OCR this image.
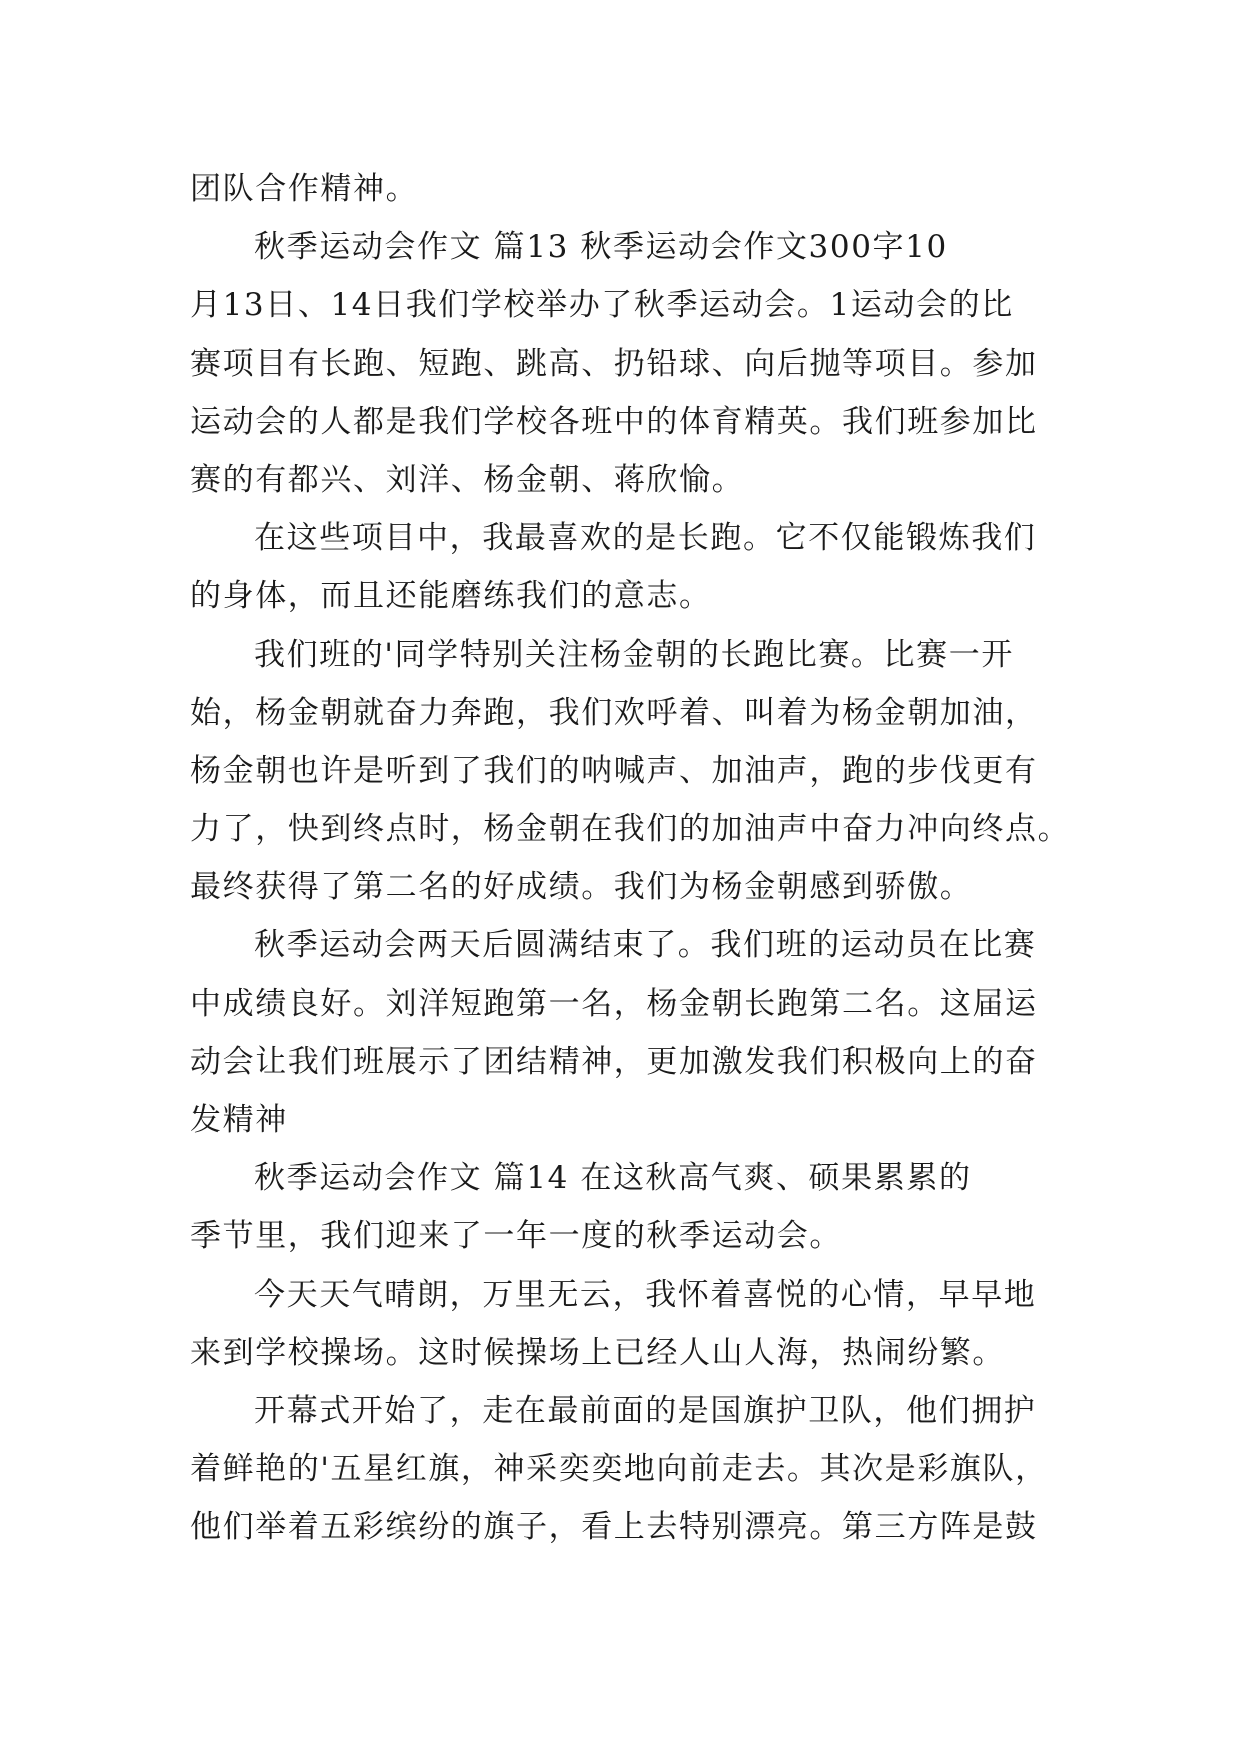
团队合作精神。
秋季运动会作文 篇13 秋季运动会作文300字10
月13日、14日我们学校举办了秋季运动会。1运动会的比
赛项目有长跑、短跑、跳高、扔铅球、向后抛等项目。参加
运动会的人都是我们学校各班中的体育精英。我们班参加比
赛的有都兴、刘洋、杨金朝、蒋欣愉。
在这些项目中，我最喜欢的是长跑。它不仅能锻炼我们
的身体，而且还能磨练我们的意志。
我们班的'同学特别关注杨金朝的长跑比赛。比赛一开
始，杨金朝就奋力奔跑，我们欢呼着、叫着为杨金朝加油，
杨金朝也许是听到了我们的呐喊声、加油声，跑的步伐更有
力了，快到终点时，杨金朝在我们的加油声中奋力冲向终点。
最终获得了第二名的好成绩。我们为杨金朝感到骄傲。
秋季运动会两天后圆满结束了。我们班的运动员在比赛
中成绩良好。刘洋短跑第一名，杨金朝长跑第二名。这届运
动会让我们班展示了团结精神，更加激发我们积极向上的奋
发精神
秋季运动会作文 篇14 在这秋高气爽、硕果累累的
季节里，我们迎来了一年一度的秋季运动会。
今天天气晴朗，万里无云，我怀着喜悦的心情，早早地
来到学校操场。这时候操场上已经人山人海，热闹纷繁。
开幕式开始了，走在最前面的是国旗护卫队，他们拥护
着鲜艳的'五星红旗，神采奕奕地向前走去。其次是彩旗队，
他们举着五彩缤纷的旗子，看上去特别漂亮。第三方阵是鼓
